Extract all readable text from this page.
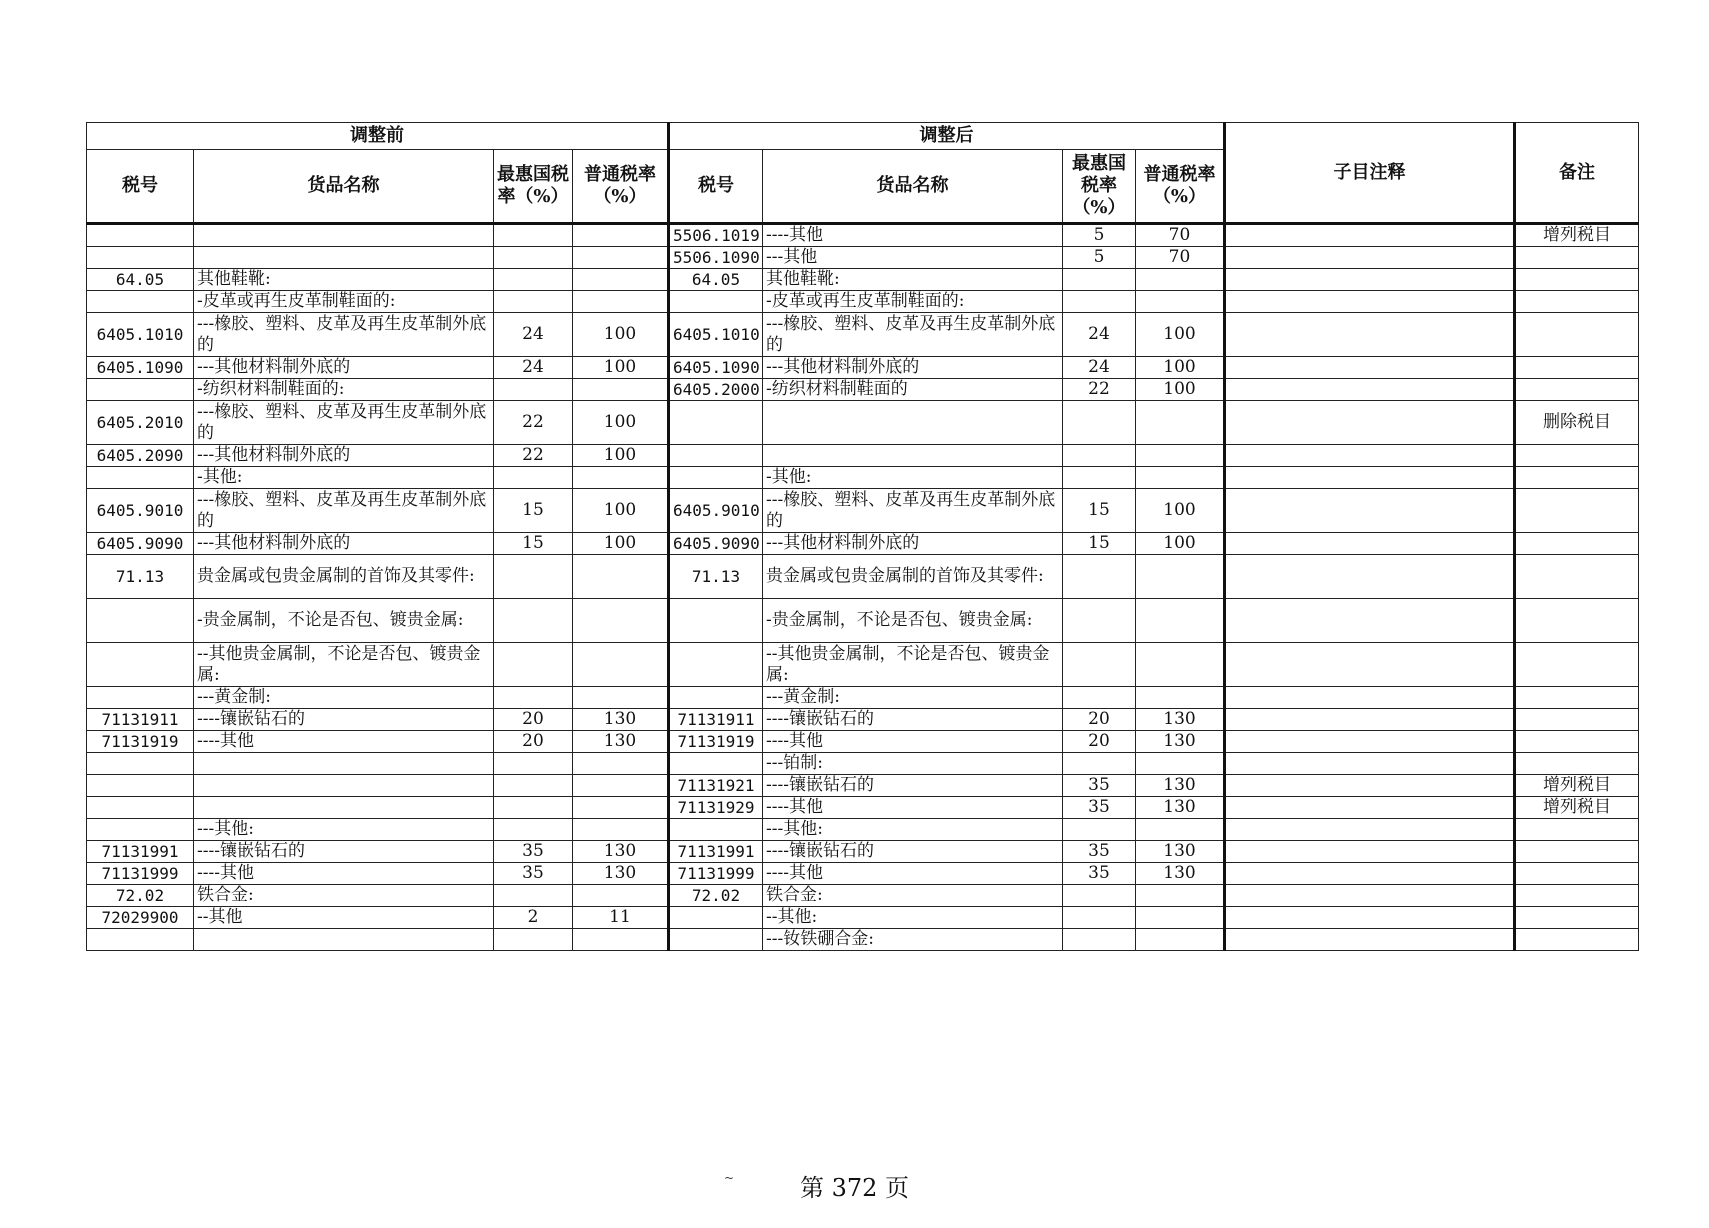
调整前				调整后				子目注释	备注
税号	货品名称	最惠国税率（%）	普通税率（%）	税号	货品名称	最惠国税率（%）	普通税率（%）		
				5506.1019	----其他	5	70		增列税目
				5506.1090	---其他	5	70		
64.05	其他鞋靴:			64.05	其他鞋靴:				
	-皮革或再生皮革制鞋面的:				-皮革或再生皮革制鞋面的:				
6405.1010	---橡胶、塑料、皮革及再生皮革制外底的	24	100	6405.1010	---橡胶、塑料、皮革及再生皮革制外底的	24	100		
6405.1090	---其他材料制外底的	24	100	6405.1090	---其他材料制外底的	24	100		
	-纺织材料制鞋面的:			6405.2000	-纺织材料制鞋面的	22	100		
6405.2010	---橡胶、塑料、皮革及再生皮革制外底的	22	100						删除税目
6405.2090	---其他材料制外底的	22	100						
	-其他:				-其他:				
6405.9010	---橡胶、塑料、皮革及再生皮革制外底的	15	100	6405.9010	---橡胶、塑料、皮革及再生皮革制外底的	15	100		
6405.9090	---其他材料制外底的	15	100	6405.9090	---其他材料制外底的	15	100		
71.13	贵金属或包贵金属制的首饰及其零件:			71.13	贵金属或包贵金属制的首饰及其零件:				
	-贵金属制，不论是否包、镀贵金属:				-贵金属制，不论是否包、镀贵金属:				
	--其他贵金属制，不论是否包、镀贵金属:				--其他贵金属制，不论是否包、镀贵金属:				
	---黄金制:				---黄金制:				
71131911	----镶嵌钻石的	20	130	71131911	----镶嵌钻石的	20	130		
71131919	----其他	20	130	71131919	----其他	20	130		
					---铂制:				
				71131921	----镶嵌钻石的	35	130		增列税目
				71131929	----其他	35	130		增列税目
	---其他:				---其他:				
71131991	----镶嵌钻石的	35	130	71131991	----镶嵌钻石的	35	130		
71131999	----其他	35	130	71131999	----其他	35	130		
72.02	铁合金:			72.02	铁合金:				
72029900	--其他	2	11		--其他:				
					---钕铁硼合金:				
~	第 372 页
